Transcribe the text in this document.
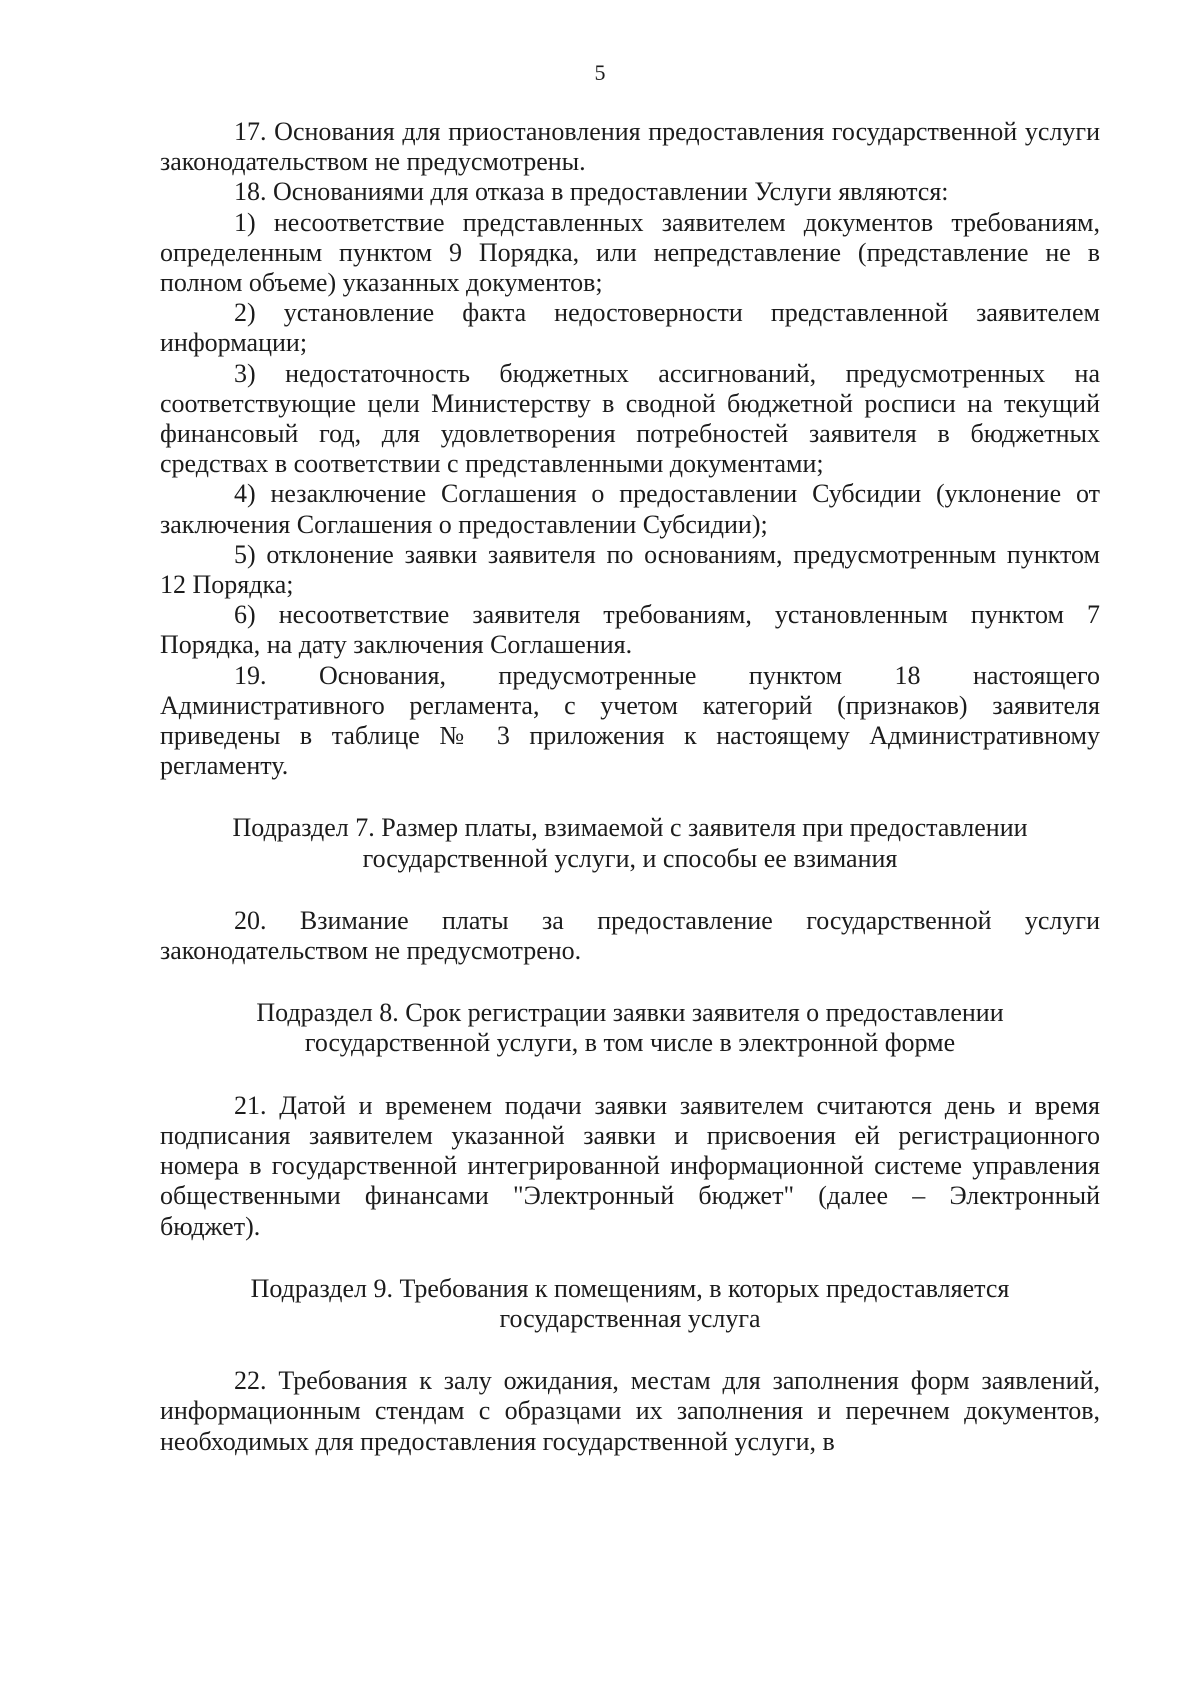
5

17. Основания для приостановления предоставления государственной услуги законодательством не предусмотрены.

18. Основаниями для отказа в предоставлении Услуги являются:

1) несоответствие представленных заявителем документов требованиям, определенным пунктом 9 Порядка, или непредставление (представление не в полном объеме) указанных документов;

2) установление факта недостоверности представленной заявителем информации;

3) недостаточность бюджетных ассигнований, предусмотренных на соответствующие цели Министерству в сводной бюджетной росписи на текущий финансовый год, для удовлетворения потребностей заявителя в бюджетных средствах в соответствии с представленными документами;

4) незаключение Соглашения о предоставлении Субсидии (уклонение от заключения Соглашения о предоставлении Субсидии);

5) отклонение заявки заявителя по основаниям, предусмотренным пунктом 12 Порядка;

6) несоответствие заявителя требованиям, установленным пунктом 7 Порядка, на дату заключения Соглашения.

19. Основания, предусмотренные пунктом 18 настоящего Административного регламента, с учетом категорий (признаков) заявителя приведены в таблице № 3 приложения к настоящему Административному регламенту.

Подраздел 7. Размер платы, взимаемой с заявителя при предоставлении
государственной услуги, и способы ее взимания

20. Взимание платы за предоставление государственной услуги законодательством не предусмотрено.

Подраздел 8. Срок регистрации заявки заявителя о предоставлении
государственной услуги, в том числе в электронной форме

21. Датой и временем подачи заявки заявителем считаются день и время подписания заявителем указанной заявки и присвоения ей регистрационного номера в государственной интегрированной информационной системе управления общественными финансами "Электронный бюджет" (далее – Электронный бюджет).

Подраздел 9. Требования к помещениям, в которых предоставляется
государственная услуга

22. Требования к залу ожидания, местам для заполнения форм заявлений, информационным стендам с образцами их заполнения и перечнем документов, необходимых для предоставления государственной услуги, в
